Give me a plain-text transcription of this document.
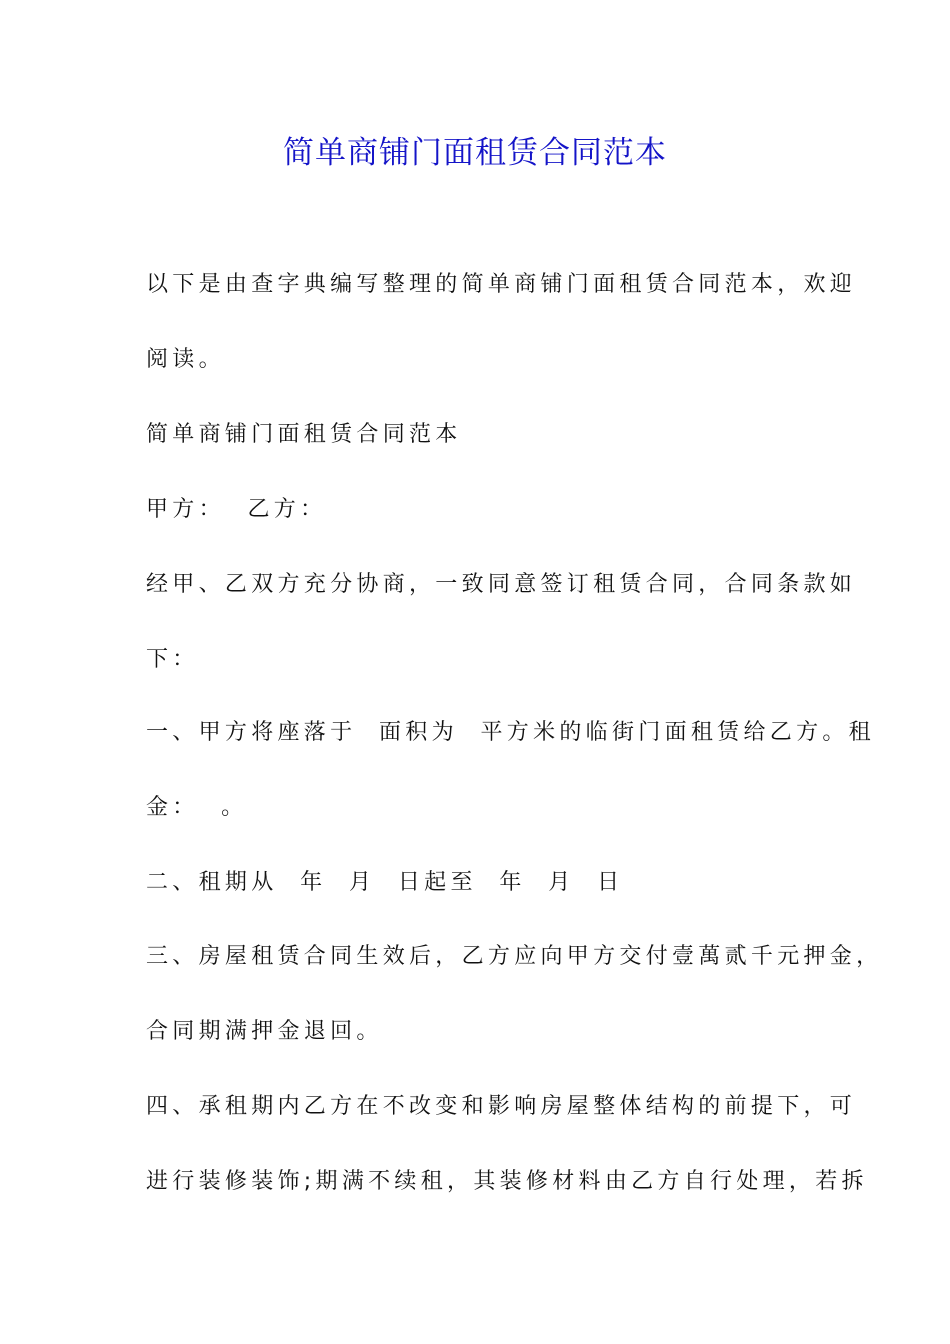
简单商铺门面租赁合同范本

以下是由查字典编写整理的简单商铺门面租赁合同范本，欢迎

阅读。

简单商铺门面租赁合同范本

甲方：  乙方：

经甲、乙双方充分协商，一致同意签订租赁合同，合同条款如

下：

一、甲方将座落于  面积为  平方米的临街门面租赁给乙方。租

金：  。

二、租期从  年  月  日起至  年  月  日

三、房屋租赁合同生效后，乙方应向甲方交付壹萬贰千元押金，

合同期满押金退回。

四、承租期内乙方在不改变和影响房屋整体结构的前提下，可

进行装修装饰;期满不续租，其装修材料由乙方自行处理，若拆
